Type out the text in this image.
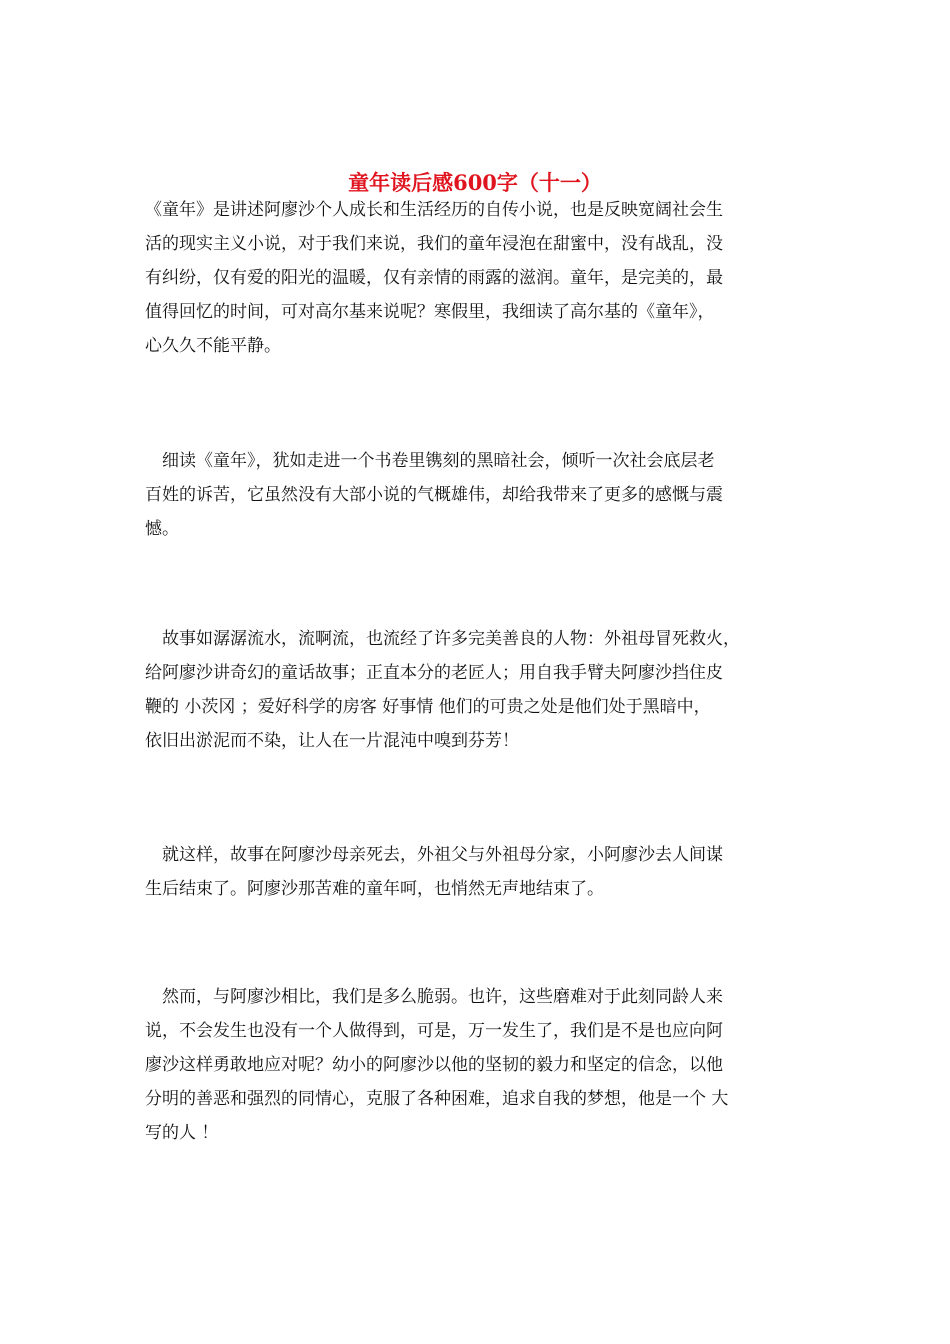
童年读后感600字（十一）
《童年》是讲述阿廖沙个人成长和生活经历的自传小说，也是反映宽阔社会生
活的现实主义小说，对于我们来说，我们的童年浸泡在甜蜜中，没有战乱，没
有纠纷，仅有爱的阳光的温暖，仅有亲情的雨露的滋润。童年，是完美的，最
值得回忆的时间，可对高尔基来说呢？寒假里，我细读了高尔基的《童年》，
心久久不能平静。
　细读《童年》，犹如走进一个书卷里镌刻的黑暗社会，倾听一次社会底层老
百姓的诉苦，它虽然没有大部小说的气概雄伟，却给我带来了更多的感慨与震
憾。
　故事如潺潺流水，流啊流，也流经了许多完美善良的人物：外祖母冒死救火，
给阿廖沙讲奇幻的童话故事；正直本分的老匠人；用自我手臂夫阿廖沙挡住皮
鞭的 小茨冈 ；爱好科学的房客 好事情 他们的可贵之处是他们处于黑暗中，
依旧出淤泥而不染，让人在一片混沌中嗅到芬芳！
　就这样，故事在阿廖沙母亲死去，外祖父与外祖母分家，小阿廖沙去人间谋
生后结束了。阿廖沙那苦难的童年呵，也悄然无声地结束了。
　然而，与阿廖沙相比，我们是多么脆弱。也许，这些磨难对于此刻同龄人来
说，不会发生也没有一个人做得到，可是，万一发生了，我们是不是也应向阿
廖沙这样勇敢地应对呢？幼小的阿廖沙以他的坚韧的毅力和坚定的信念，以他
分明的善恶和强烈的同情心，克服了各种困难，追求自我的梦想，他是一个 大
写的人 ！
